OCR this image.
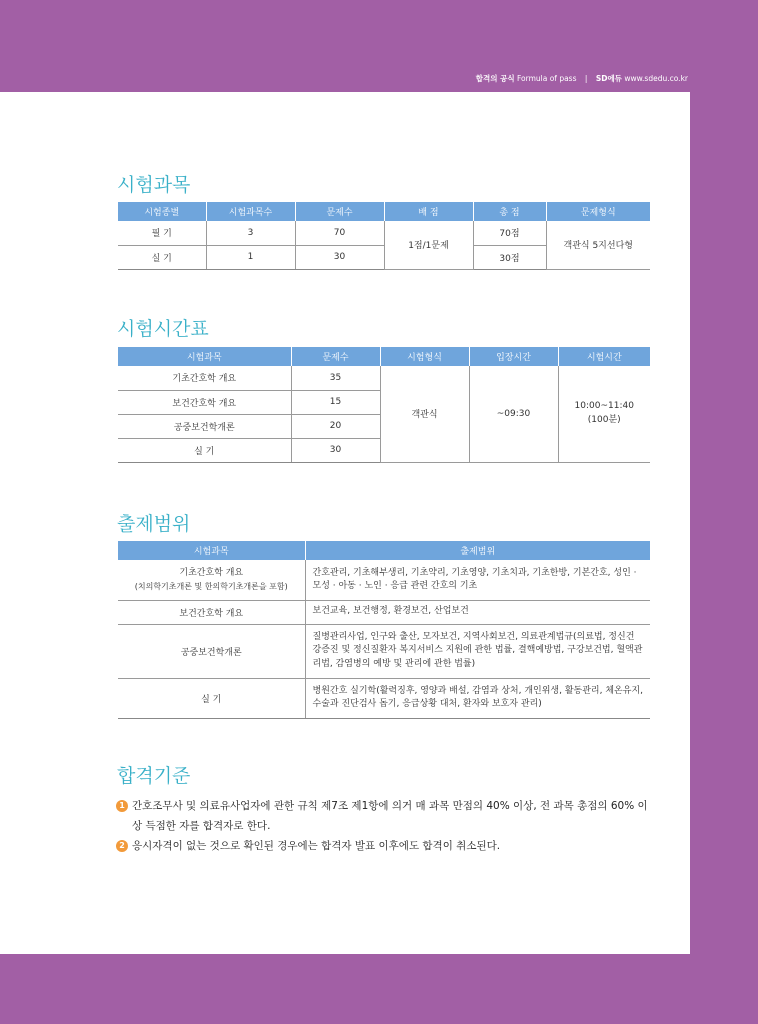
합격의 공식 Formula of pass | SD에듀 www.sdedu.co.kr
시험과목
시험종별	시험과목수	문제수	배 점	총 점	문제형식
필 기	3	70	1점/1문제	70점	객관식 5지선다형
실 기	1	30		30점	
시험시간표
시험과목	문제수	시험형식	입장시간	시험시간
기초간호학 개요	35	객관식	~09:30	10:00~11:40
(100분)

보건간호학 개요	15			
공중보건학개론	20			
실 기	30			
출제범위
시험과목	출제범위

기초간호학 개요
(치의학기초개론 및 한의학기초개론을 포함)	간호관리, 기초해부생리, 기초약리, 기초영양, 기초치과, 기초한방, 기본간호, 성인 · 모성 · 아동 · 노인 · 응급 관련 간호의 기초
보건간호학 개요	보건교육, 보건행정, 환경보건, 산업보건
공중보건학개론	질병관리사업, 인구와 출산, 모자보건, 지역사회보건, 의료관계법규(의료법, 정신건강증진 및 정신질환자 복지서비스 지원에 관한 법률, 결핵예방법, 구강보건법, 혈액관리법, 감염병의 예방 및 관리에 관한 법률)
실 기	병원간호 실기학(활력징후, 영양과 배설, 감염과 상처, 개인위생, 활동관리, 체온유지, 수술과 진단검사 돕기, 응급상황 대처, 환자와 보호자 관리)
합격기준
1 간호조무사 및 의료유사업자에 관한 규칙 제7조 제1항에 의거 매 과목 만점의 40% 이상, 전 과목 총점의 60% 이상 득점한 자를 합격자로 한다.
2 응시자격이 없는 것으로 확인된 경우에는 합격자 발표 이후에도 합격이 취소된다.
